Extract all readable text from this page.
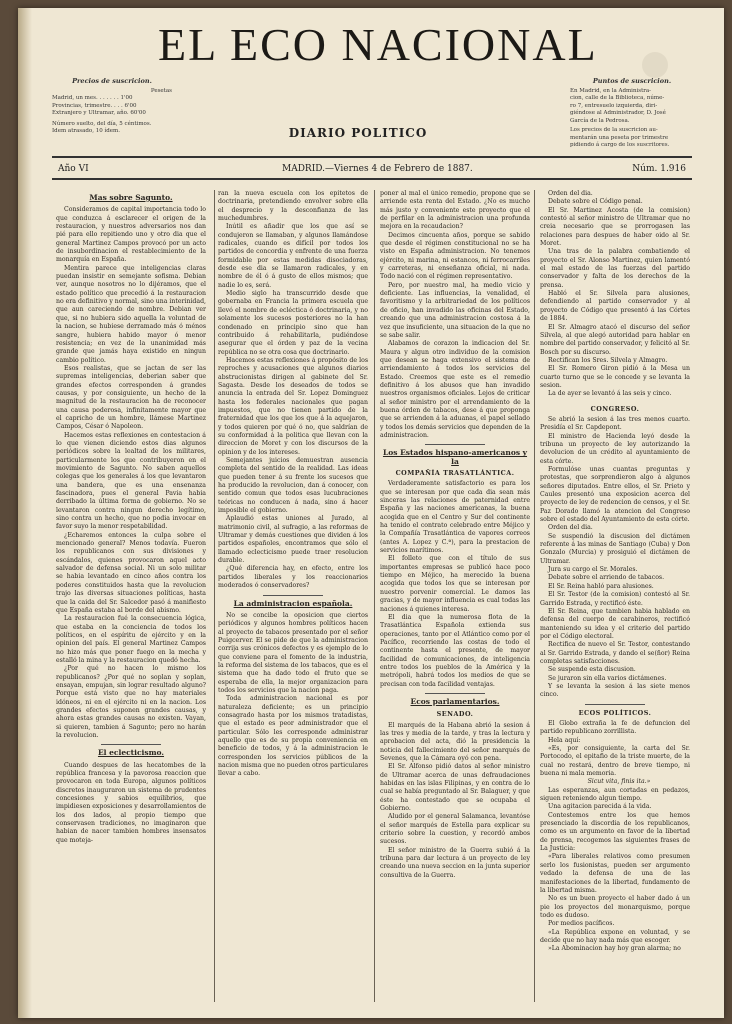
Precios de suscricion.
Pesetas
Madrid, un mes. . . . . . . 1'00
Provincias, trimestre. . . . 6'00
Extranjero y Ultramar, año. 60'00
Número suelto, del día, 5 céntimos.
Idem atrasado, 10 ídem.
EL ECO NACIONAL
DIARIO POLITICO
Puntos de suscricion.
En Madrid, en la Administra-
cion, calle de la Biblioteca, núme-
ro 7, entresuelo izquierda, diri-
giéndose al Administrador, D. José
García de la Pedrosa.
Los precios de la suscricion au-
mentarán una peseta por trimestre
pidiendo á cargo de los suscritores.
Año VI	MADRID.—Viernes 4 de Febrero de 1887.	Núm. 1.916
Mas sobre Sagunto.

Consideramos de capital importancia todo lo que conduzca á esclarecer el origen de la restauracion, y nuestros adversarios nos dan pié para ello repitiendo uno y otro dia que el general Martinez Campos provocó por un acto de insubordinacion el restablecimiento de la monarquía en España.

Mentira parece que inteligencias claras puedan insistir en semejante sofisma. Debian ver, aunque nosotros no lo dijéramos, que el estado político que precedió á la restauracion no era definitivo y normal, sino una interinidad, que aun careciendo de nombre. Debian ver que, si no hubiera sido aquella la voluntad de la nacion, se hubiese derramado más ó ménos sangre, hubiera habido mayor ó menor resistencia; en vez de la unanimidad más grande que jamás haya existido en ningun cambio político.

Esos realistas, que se jactan de ser las supremas inteligencias, deberian saber que grandes efectos corresponden á grandes causas, y por consiguiente, un hecho de la magnitud de la restauracion ha de reconocer una causa poderosa, infinitamente mayor que el capricho de un hombre, llámese Martinez Campos, César ó Napoleon.

Hacemos estas reflexiones en contestacion á lo que vienen diciendo estos dias algunos periódicos sobre la lealtad de los militares, particularmente los que contribuyeron en el movimiento de Sagunto. No saben aquellos colegas que los generales á los que levantaron una bandera, que es una ensenanza fascinadora, pues el general Pavia habia derribado la última forma de gobierno. No se levantaron contra ningun derecho legítimo, sino contra un hecho, que no podia invocar en favor suyo la menor respetabilidad.

¿Echaremos entonces la culpa sobre el mencionado general? Menos todavía. Fueron los republicanos con sus divisiones y escándalos, quienes provocaron aquel acto salvador de defensa social. Ni un solo militar se habia levantado en cinco años contra los poderes constituidos hasta que la revolucion trajo las diversas situaciones políticas, hasta que la caida del Sr. Salcedor pasó á manifiesto que España estaba al borde del abismo.

La restauracion fué la consecuencia lógica, que estaba en la conciencia de todos los políticos, en el espíritu de ejército y en la opinion del país. El general Martinez Campos no hizo más que poner fuego en la mecha y estalló la mina y la restauracion quedó hecha.

¿Por qué no hacen lo mismo los republicanos? ¿Por qué no soplan y soplan, ensayan, empujan, sin lograr resultado alguno? Porque está visto que no hay materiales idóneos, ni en el ejército ni en la nacion. Los grandes efectos suponen grandes causas, y ahora estas grandes causas no existen. Vayan, si quieren, tambien á Sagunto; pero no harán la revolucion.

El eclecticismo.

Cuando despues de las hecatombes de la república francesa y la pavorosa reaccion que provocaron en toda Europa, algunos políticos discretos inauguraron un sistema de prudentes concesiones y sabios equilibrios, que impidiesen exposiciones y desarrollamientos de los dos lados, al propio tiempo que conservasen tradiciones, no imaginaron que habian de nacer tambien hombres insensatos que moteja-

ran la nueva escuela con los epítetos de doctrinaria, pretendiendo envolver sobre ella el desprecio y la desconfianza de las muchedumbres.

Inútil es añadir que los que así se condujeron se llamaban, y algunos llamándose radicales, cuando es difícil por todos los partidos de concordia y enfrente de una fuerza formidable por estas medidas disociadoras, desde ese dia se llamaron radicales, y en nombre de él ó á gusto de ellos mismos; que nadie lo es, será.

Medio siglo ha transcurrido desde que gobernaba en Francia la primera escuela que llevó el nombre de ecléctica ó doctrinaria, y no solamente los sucesos posteriores no la han condenado en principio sino que han contribuido á rehabilitarla, pudiéndose asegurar que el órden y paz de la vecina república no se otra cosa que doctrinario.

Hacemos estas reflexiones á propósito de los reproches y acusaciones que algunos diarios abstrucionistas dirigen al gabinete del Sr. Sagasta. Desde los deseados de todos se anuncia la entrada del Sr. Lopez Dominguez hasta los federales nacionales que pagan impuestos, que no tienen partido de la fraternidad que los que los que á la aquejaron, y todos quieren por qué ó no, que saldrían de su conformidad á la politica que llevan con la direccion de Moret y con los discursos de la opinion y de los intereses.

Semejantes juicios demuestran ausencia completa del sentido de la realidad. Las ideas que pueden tener á su frente los sucesos que ha producido la revolucion, dan á conocer, con sentido comun que todos esas lucubraciones teóricas no conducen á nada, sino á hacer imposible el gobierno.

Aplaudió estas uniones al Jurado, al matrimonio civil, al sufragio, a las reformas de Ultramar y demás cuestiones que dividen á los partidos españoles, encontramos que sólo el llamado eclecticismo puede traer resolucion durable.

¿Qué diferencia hay, en efecto, entre los partidos liberales y los reaccionarios moderados ó conservadores?

La administracion española.

No se concibe la oposicion que ciertos periódicos y algunos hombres políticos hacen al proyecto de tabacos presentado por el señor Puigcerver. El se pide de que la administracion corrija sus crónicos defectos y es ejemplo de lo que conviene para el fomento de la industria, la reforma del sistema de los tabacos, que es el sistema que ha dado todo el fruto que se esperaba de ella, la mejor organizacion para todos los servicios que la nacion paga.

Toda administracion nacional es por naturaleza deficiente; es un principio consagrado hasta por los mismos tratadistas, que el estado es peor administrador que el particular. Sólo les corresponde administrar aquello que es de su propia conveniencia en beneficio de todos, y á la administracion le corresponden los servicios públicos de la nacion misma que no pueden otros particulares llevar a cabo.

poner al mal el único remedio, propone que se arriende esta renta del Estado. ¿No es mucho más justo y conveniente este proyecto que el de perfilar en la administracion una profunda mejora en la recaudacion?

Decimos cincuenta años, porque se sabido que desde el régimen constitucional no se ha visto en España administracion. No tenemos ejército, ni marina, ni estancos, ni ferrocarriles y carreteras, ni enseñanza oficial, ni nada. Todo nació con el régimen representativo.

Pero, por nuestro mal, ha medio vicio y deficiente. Las influencias, la venalidad, el favoritismo y la arbitrariedad de los políticos de oficio, han invadido las oficinas del Estado, creando que una administracion costosa á la vez que insuficiente, una situacion de la que no se sabe salir.

Alabamos de corazon la indicacion del Sr. Maura y algun otro individuo de la comision que desean se haga extensivo el sistema de arriendamiento á todos los servicios del Estado. Creemos que este es el remedio definitivo á los abusos que han invadido nuestros organismos oficiales. Lejos de criticar al señor ministro por el arrendamiento de la buena órden de tabacos, dese á que proponga que se arrienden á la aduanas, el papel sellado y todos los demás servicios que dependen de la administracion.

Los Estados hispano-americanos y la
COMPAÑÍA TRASATLÁNTICA.

Verdaderamente satisfactorio es para los que se interesan por que cada dia sean más sinceras las relaciones de paternidad entre España y las naciones americanas, la buena acogida que en el Centro y Sur del continente ha tenido el contrato celebrado entre Méjico y la Compañía Trasatlántica de vapores correos (antes A. Lopez y C.ª), para la prestacion de servicios marítimos.

El folleto que con el título de sus importantes empresas se publicó hace poco tiempo en Méjico, ha merecido la buena acogida que todos los que se interesan por nuestro porvenir comercial. Le damos las gracias, y de mayor influencia es cual todas las naciones á quienes interesa.

El dia que la numerosa flota de la Trasatlántica Española extienda sus operaciones, tanto por el Atlántico como por el Pacífico, recorriendo las costas de todo el continente hasta el presente, de mayor facilidad de comunicaciones, de inteligencia entre todos los pueblos de la América y la metrópoli, habrá todos los medios de que se precisan con toda facilidad ventajas.

Ecos parlamentarios.
SENADO.

El marqués de la Habana abrió la sesion á las tres y media de la tarde, y tras la lectura y aprobacion del acta, dió la presidencia la noticia del fallecimiento del señor marqués de Sevenes, que la Cámara oyó con pena.

El Sr. Alfonso pidió datos al señor ministro de Ultramar acerca de unas defraudaciones habidas en las islas Filipinas, y en contra de lo cual se había preguntado al Sr. Balaguer, y que éste ha contestado que se ocupaba el Gobierno.

Aludido por el general Salamanca, levantóse el señor marqués de Estella para explicar su criterio sobre la cuestion, y recordó ambos sucesos.

El señor ministro de la Guerra subió á la tribuna para dar lectura á un proyecto de ley creando una nueva seccion en la junta superior consultiva de la Guerra.

Orden del dia.

Debate sobre el Código penal.

El Sr. Martinez Acosta (de la comision) contestó al señor ministro de Ultramar que no creia necesario que se prorrogasen las relaciones para despues de haber oido al Sr. Moret.

Una tras de la palabra combatiendo el proyecto el Sr. Alonso Martinez, quien lamentó el mal estado de las fuerzas del partido conservador y falta de los derechos de la prensa.

Habló el Sr. Silvela para alusiones, defendiendo al partido conservador y al proyecto de Código que presentó á las Córtes de 1884.

El Sr. Almagro atacó el discurso del señor Silvela, al que alegó autoridad para hablar en nombre del partido conservador, y felicitó al Sr. Bosch por su discurso.

Rectifican los Sres. Silvela y Almagro.

El Sr. Romero Giron pidió á la Mesa un cuarto turno que se le concede y se levanta la sesion.

La de ayer se levantó á las seis y cinco.

CONGRESO.

Se abrió la sesion á las tres menos cuarto. Presidía el Sr. Capdepont.

El ministro de Hacienda leyó desde la tribuna un proyecto de ley autorizando la devolucion de un crédito al ayuntamiento de esta córte.

Formulóse unas cuantas preguntas y protestas, que sorprendieron algo á algunos señores diputados. Entre ellos, el Sr. Prieto y Caules presentó una exposicion acerca del proyecto de ley de redencion de censos, y el Sr. Paz Dorado llamó la atencion del Congreso sobre el estado del Ayuntamiento de esta córte.

Orden del dia.

Se suspendió la discusion del dictámen referente á las minas de Santiago (Cuba) y Don Gonzalo (Murcia) y prosiguió el dictámen de Ultramar.

Jura su cargo el Sr. Morales.

Debate sobre el arriendo de tabacos.

El Sr. Reina habló para alusiones.

El Sr. Testor (de la comision) contestó al Sr. Garrido Estrada, y rectificó éste.

El Sr. Reina, que tambien habia hablado en defensa del cuerpo de carabineros, rectificó manteniendo su idea y el criterio del partido por el Código electoral.

Rectifica de nuevo el Sr. Testor, contestando al Sr. Garrido Estrada, y dando el se(ñor) Reina completas satisfacciones.

Se suspende esta discusion.

Se juraron sin ella varios dictámenes.

Y se levanta la sesion á las siete menos cinco.

ECOS POLÍTICOS.

El Globo extraña la fe de defuncion del partido republicano zorrillista.

Hela aquí:

«Es, por consiguiente, la carta del Sr. Portocodo, el epitafio de la triste muerte, de la cual no restará, dentro de breve tiempo, ni buena ni mala memoria.

Sicut vita, finis ita.»

Las esperanzas, aun cortadas en pedazos, siguen reteniendo algun tiempo.

Una agitacion parecida á la vida.

Contestemos entre los que hemos presenciado la discordia de los republicanos, como es un argumento en favor de la libertad de prensa, recogemos las siguientes frases de La Justicia:

«Para liberales relativos como presumen serlo los fusionistas, pueden ser argumento vedado la defensa de una de las manifestaciones de la libertad, fundamento de la libertad misma.

No es un buen proyecto el haber dado á un pie los proyectos del monarquismo, porque todo es dudoso.

Por medios pacíficos.

«La República expone en voluntad, y se decide que no hay nada más que escoger.

»La Abominacion hay hoy gran alarma; no
